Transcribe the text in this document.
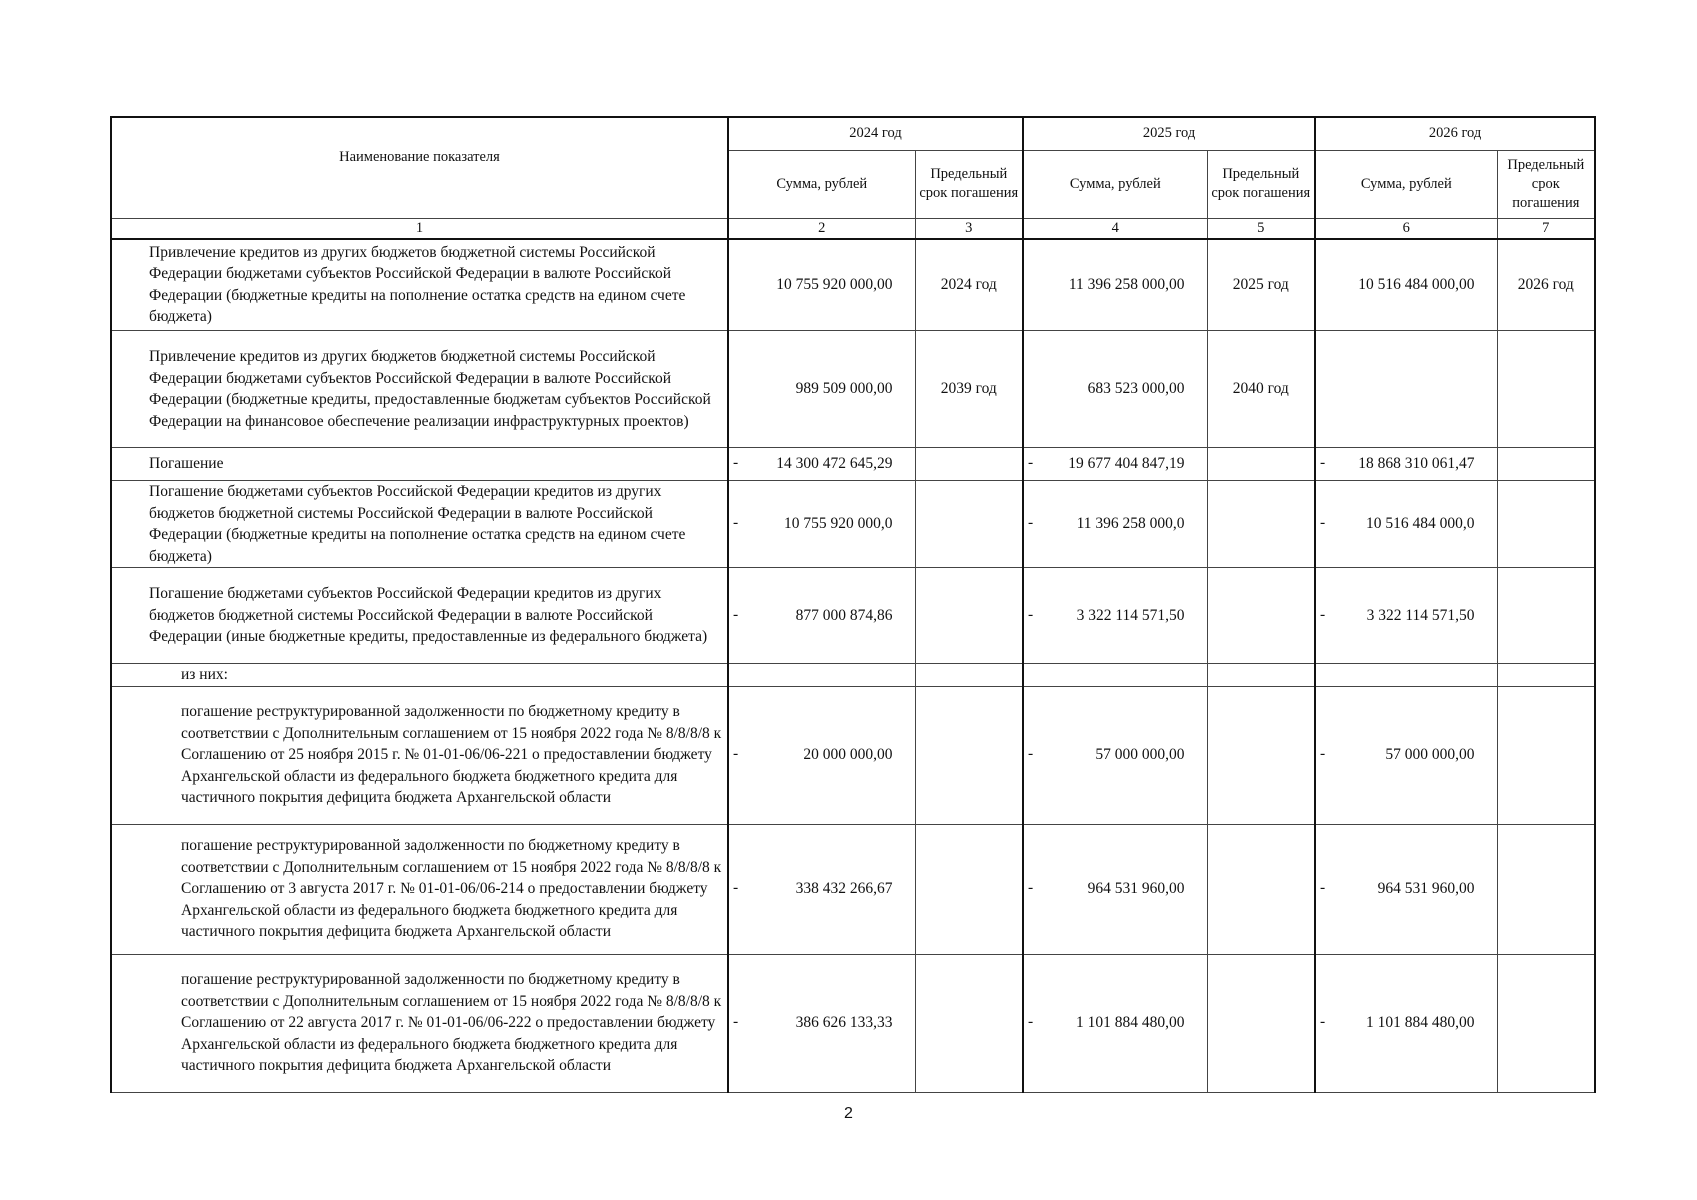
Наименование показателя	2024 год		2025 год		2026 год	
	Сумма, рублей	Предельный срок погашения	Сумма, рублей	Предельный срок погашения	Сумма, рублей	Предельный срок погашения
1	2	3	4	5	6	7
Привлечение кредитов из других бюджетов бюджетной системы Российской Федерации бюджетами субъектов Российской Федерации в валюте Российской Федерации (бюджетные кредиты на пополнение остатка средств на едином счете бюджета)	10 755 920 000,00	2024 год	11 396 258 000,00	2025 год	10 516 484 000,00	2026 год
Привлечение кредитов из других бюджетов бюджетной системы Российской Федерации бюджетами субъектов Российской Федерации в валюте Российской Федерации (бюджетные кредиты, предоставленные бюджетам субъектов Российской Федерации на финансовое обеспечение реализации инфраструктурных проектов)	989 509 000,00	2039 год	683 523 000,00	2040 год	

Погашение	- 14 300 472 645,29		- 19 677 404 847,19		- 18 868 310 061,47	
Погашение бюджетами субъектов Российской Федерации кредитов из других бюджетов бюджетной системы Российской Федерации в валюте Российской Федерации (бюджетные кредиты на пополнение остатка средств на едином счете бюджета)	- 10 755 920 000,0		- 11 396 258 000,0		- 10 516 484 000,0	
Погашение бюджетами субъектов Российской Федерации кредитов из других бюджетов бюджетной системы Российской Федерации в валюте Российской Федерации (иные бюджетные кредиты, предоставленные из федерального бюджета)	- 877 000 874,86		- 3 322 114 571,50		- 3 322 114 571,50	
из них:	

погашение реструктурированной задолженности по бюджетному кредиту в соответствии с Дополнительным соглашением от 15 ноября 2022 года № 8/8/8/8 к Соглашению от 25 ноября 2015 г. № 01-01-06/06-221 о предоставлении бюджету Архангельской области из федерального бюджета бюджетного кредита для частичного покрытия дефицита бюджета Архангельской области	- 20 000 000,00		- 57 000 000,00		- 57 000 000,00	
погашение реструктурированной задолженности по бюджетному кредиту в соответствии с Дополнительным соглашением от 15 ноября 2022 года № 8/8/8/8 к Соглашению от 3 августа 2017 г. № 01-01-06/06-214 о предоставлении бюджету Архангельской области из федерального бюджета бюджетного кредита для частичного покрытия дефицита бюджета Архангельской области	- 338 432 266,67		- 964 531 960,00		- 964 531 960,00	
погашение реструктурированной задолженности по бюджетному кредиту в соответствии с Дополнительным соглашением от 15 ноября 2022 года № 8/8/8/8 к Соглашению от 22 августа 2017 г. № 01-01-06/06-222 о предоставлении бюджету Архангельской области из федерального бюджета бюджетного кредита для частичного покрытия дефицита бюджета Архангельской области	- 386 626 133,33		- 1 101 884 480,00		- 1 101 884 480,00	
2
